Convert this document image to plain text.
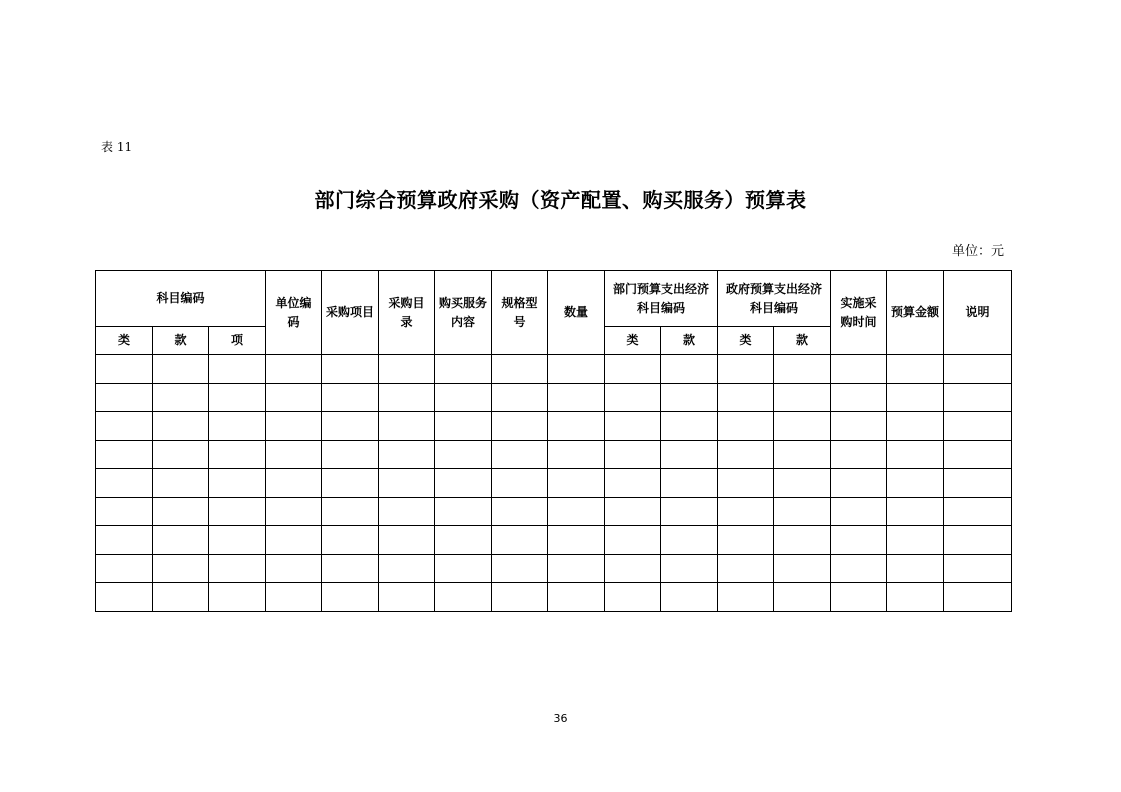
表 11
部门综合预算政府采购（资产配置、购买服务）预算表
单位：元
科目编码			单位编码	采购项目	采购目录	购买服务内容	规格型号	数量	部门预算支出经济科目编码		政府预算支出经济科目编码		实施采购时间	预算金额	说明
类	款	项							类	款	类	款			

36
